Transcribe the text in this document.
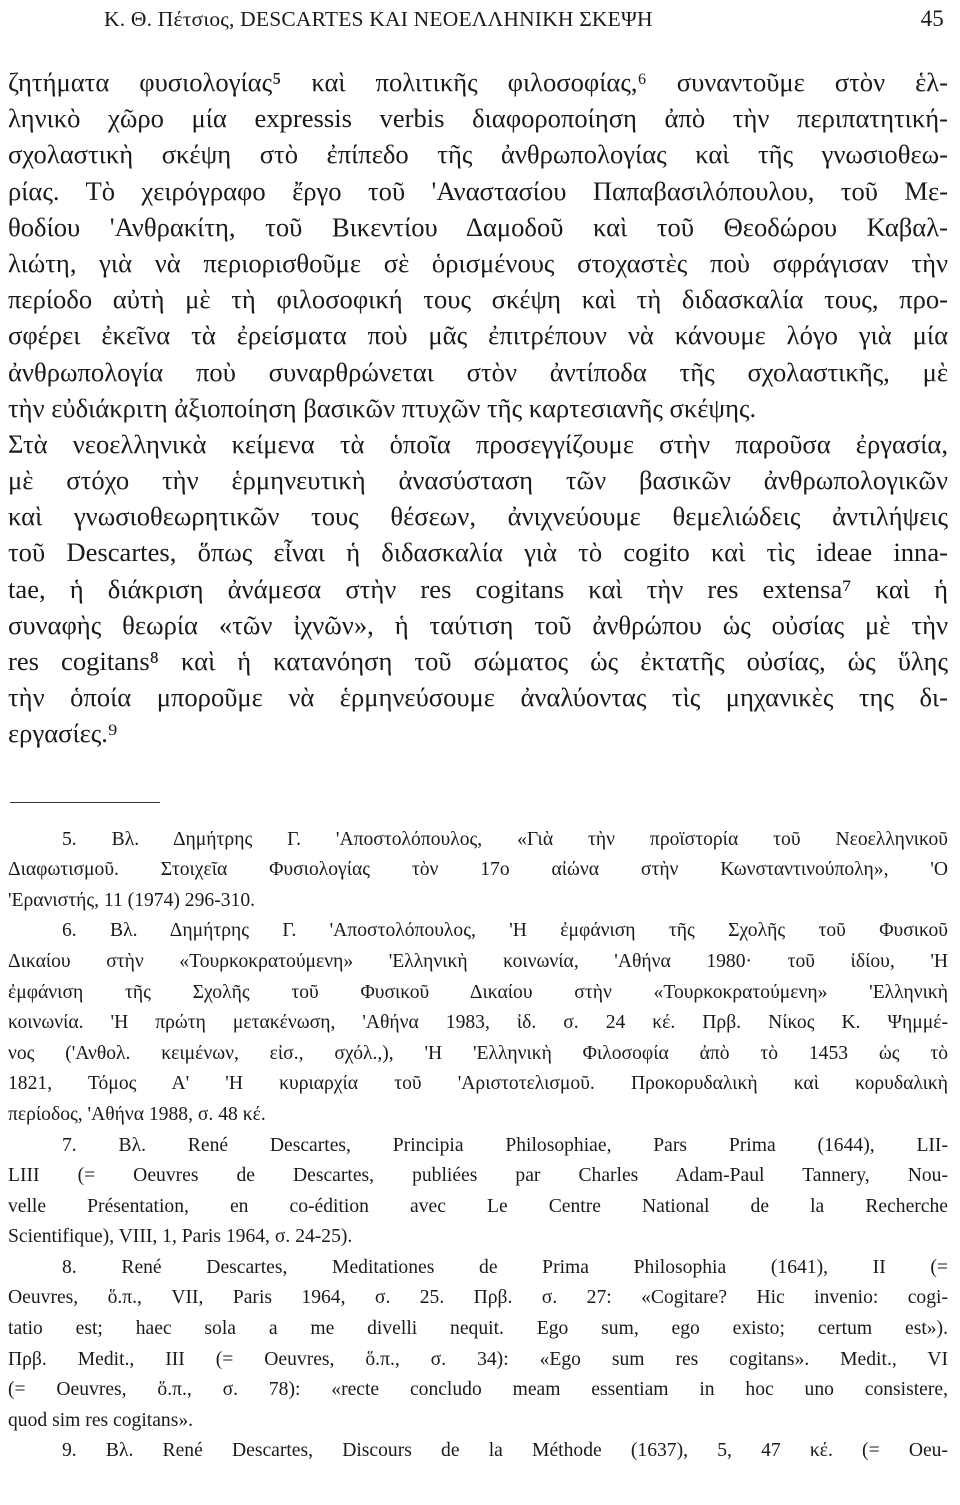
Κ. Θ. Πέτσιος, DESCARTES ΚΑΙ ΝΕΟΕΛΛΗΝΙΚΗ ΣΚΕΨΗ	45
ζητήματα φυσιολογίας⁵ καὶ πολιτικῆς φιλοσοφίας,⁶ συναντοῦμε στὸν ἑλ-
ληνικὸ χῶρο μία expressis verbis διαφοροποίηση ἀπὸ τὴν περιπατητική-
σχολαστικὴ σκέψη στὸ ἐπίπεδο τῆς ἀνθρωπολογίας καὶ τῆς γνωσιοθεω-
ρίας. Τὸ χειρόγραφο ἔργο τοῦ 'Αναστασίου Παπαβασιλόπουλου, τοῦ Με-
θοδίου 'Ανθρακίτη, τοῦ Βικεντίου Δαμοδοῦ καὶ τοῦ Θεοδώρου Καβαλ-
λιώτη, γιὰ νὰ περιορισθοῦμε σὲ ὁρισμένους στοχαστὲς ποὺ σφράγισαν τὴν
περίοδο αὐτὴ μὲ τὴ φιλοσοφική τους σκέψη καὶ τὴ διδασκαλία τους, προ-
σφέρει ἐκεῖνα τὰ ἐρείσματα ποὺ μᾶς ἐπιτρέπουν νὰ κάνουμε λόγο γιὰ μία
ἀνθρωπολογία ποὺ συναρθρώνεται στὸν ἀντίποδα τῆς σχολαστικῆς, μὲ
τὴν εὐδιάκριτη ἀξιοποίηση βασικῶν πτυχῶν τῆς καρτεσιανῆς σκέψης.
Στὰ νεοελληνικὰ κείμενα τὰ ὁποῖα προσεγγίζουμε στὴν παροῦσα ἐργασία,
μὲ στόχο τὴν ἑρμηνευτικὴ ἀνασύσταση τῶν βασικῶν ἀνθρωπολογικῶν
καὶ γνωσιοθεωρητικῶν τους θέσεων, ἀνιχνεύουμε θεμελιώδεις ἀντιλήψεις
τοῦ Descartes, ὅπως εἶναι ἡ διδασκαλία γιὰ τὸ cogito καὶ τὶς ideae inna-
tae, ἡ διάκριση ἀνάμεσα στὴν res cogitans καὶ τὴν res extensa⁷ καὶ ἡ
συναφὴς θεωρία «τῶν ἰχνῶν», ἡ ταύτιση τοῦ ἀνθρώπου ὡς οὐσίας μὲ τὴν
res cogitans⁸ καὶ ἡ κατανόηση τοῦ σώματος ὡς ἐκτατῆς οὐσίας, ὡς ὕλης
τὴν ὁποία μποροῦμε νὰ ἑρμηνεύσουμε ἀναλύοντας τὶς μηχανικὲς της δι-
εργασίες.⁹
5. Βλ. Δημήτρης Γ. 'Αποστολόπουλος, «Γιὰ τὴν προϊστορία τοῦ Νεοελληνικοῦ
Διαφωτισμοῦ. Στοιχεῖα Φυσιολογίας τὸν 17ο αἰώνα στὴν Κωνσταντινούπολη», 'Ο
'Ερανιστής, 11 (1974) 296-310.
6. Βλ. Δημήτρης Γ. 'Αποστολόπουλος, 'Η ἐμφάνιση τῆς Σχολῆς τοῦ Φυσικοῦ
Δικαίου στὴν «Τουρκοκρατούμενη» 'Ελληνικὴ κοινωνία, 'Αθήνα 1980· τοῦ ἰδίου, 'Η
ἐμφάνιση τῆς Σχολῆς τοῦ Φυσικοῦ Δικαίου στὴν «Τουρκοκρατούμενη» 'Ελληνικὴ
κοινωνία. 'Η πρώτη μετακένωση, 'Αθήνα 1983, ἰδ. σ. 24 κέ. Πρβ. Νίκος Κ. Ψημμέ-
νος ('Ανθολ. κειμένων, εἰσ., σχόλ.,), 'Η 'Ελληνικὴ Φιλοσοφία ἀπὸ τὸ 1453 ὡς τὸ
1821, Τόμος Α' 'Η κυριαρχία τοῦ 'Αριστοτελισμοῦ. Προκορυδαλικὴ καὶ κορυδαλικὴ
περίοδος, 'Αθήνα 1988, σ. 48 κέ.
7. Βλ. René Descartes, Principia Philosophiae, Pars Prima (1644), LII-
LIII (= Oeuvres de Descartes, publiées par Charles Adam-Paul Tannery, Nou-
velle Présentation, en co-édition avec Le Centre National de la Recherche
Scientifique), VIII, 1, Paris 1964, σ. 24-25).
8. René Descartes, Meditationes de Prima Philosophia (1641), II (=
Oeuvres, ὅ.π., VII, Paris 1964, σ. 25. Πρβ. σ. 27: «Cogitare? Hic invenio: cogi-
tatio est; haec sola a me divelli nequit. Ego sum, ego existo; certum est»).
Πρβ. Medit., III (= Oeuvres, ὅ.π., σ. 34): «Ego sum res cogitans». Medit., VI
(= Oeuvres, ὅ.π., σ. 78): «recte concludo meam essentiam in hoc uno consistere,
quod sim res cogitans».
9. Βλ. René Descartes, Discours de la Méthode (1637), 5, 47 κέ. (= Oeu-
